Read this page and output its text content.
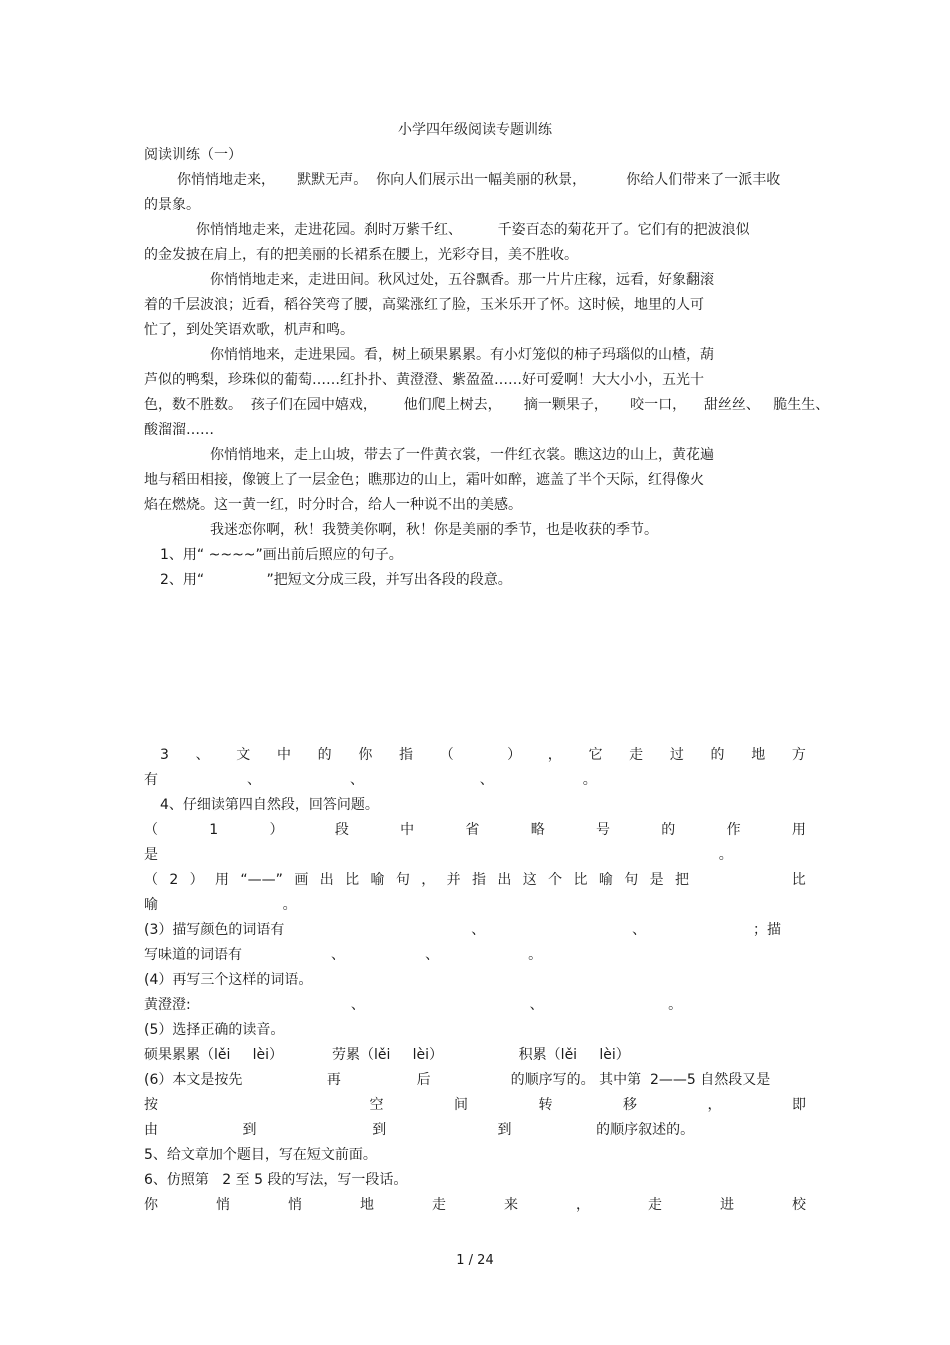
小学四年级阅读专题训练
阅读训练（一）
你悄悄地走来，     默默无声。  你向人们展示出一幅美丽的秋景，         你给人们带来了一派丰收
的景象。
你悄悄地走来，走进花园。刹时万紫千红、        千姿百态的菊花开了。它们有的把波浪似
的金发披在肩上，有的把美丽的长裙系在腰上，光彩夺目，美不胜收。
你悄悄地走来，走进田间。秋风过处，五谷飘香。那一片片庄稼，远看，好象翻滚
着的千层波浪；近看，稻谷笑弯了腰，高粱涨红了脸，玉米乐开了怀。这时候，地里的人可
忙了，到处笑语欢歌，机声和鸣。
你悄悄地来，走进果园。看，树上硕果累累。有小灯笼似的柿子玛瑙似的山楂，葫
芦似的鸭梨，珍珠似的葡萄……红扑扑、黄澄澄、紫盈盈……好可爱啊！大大小小，五光十
色，数不胜数。  孩子们在园中嬉戏，      他们爬上树去，     摘一颗果子，     咬一口，    甜丝丝、   脆生生、
酸溜溜……
你悄悄地来，走上山坡，带去了一件黄衣裳，一件红衣裳。瞧这边的山上，黄花遍
地与稻田相接，像镀上了一层金色；瞧那边的山上，霜叶如醉，遮盖了半个天际，红得像火
焰在燃烧。这一黄一红，时分时合，给人一种说不出的美感。
我迷恋你啊，秋！我赞美你啊，秋！你是美丽的季节，也是收获的季节。
1、用“ ~~~~”画出前后照应的句子。
2、用“              ”把短文分成三段，并写出各段的段意。
3 、 文 中 的 你 指 （	） ， 它 走 过 的 地 方
有                    、                    、                          、                    。
4、仔细读第四自然段，回答问题。
（	1	）	段	中	省	略	号	的	作	用
是                                                                                                                              。
（ 2 ） 用 “——” 画 出 比 喻 句 ， 并 指 出 这 个 比 喻 句 是 把	比
喻                            。
(3）描写颜色的词语有                                          、                                 、                        ；描
写味道的词语有                    、                  、                    。
(4）再写三个这样的词语。
黄澄澄:                                    、                                     、                            。
(5）选择正确的读音。
硕果累累（lěi     lèi）           劳累（lěi     lèi）                 积累（lěi     lèi）
(6）本文是按先                   再                 后                  的顺序写的。 其中第  2——5 自然段又是
按	空	间	转	移	，	即
由                   到                          到                         到                   的顺序叙述的。
5、给文章加个题目，写在短文前面。
6、仿照第   2 至 5 段的写法，写一段话。
你	悄	悄	地	走	来	，	走	进	校
1 / 24
